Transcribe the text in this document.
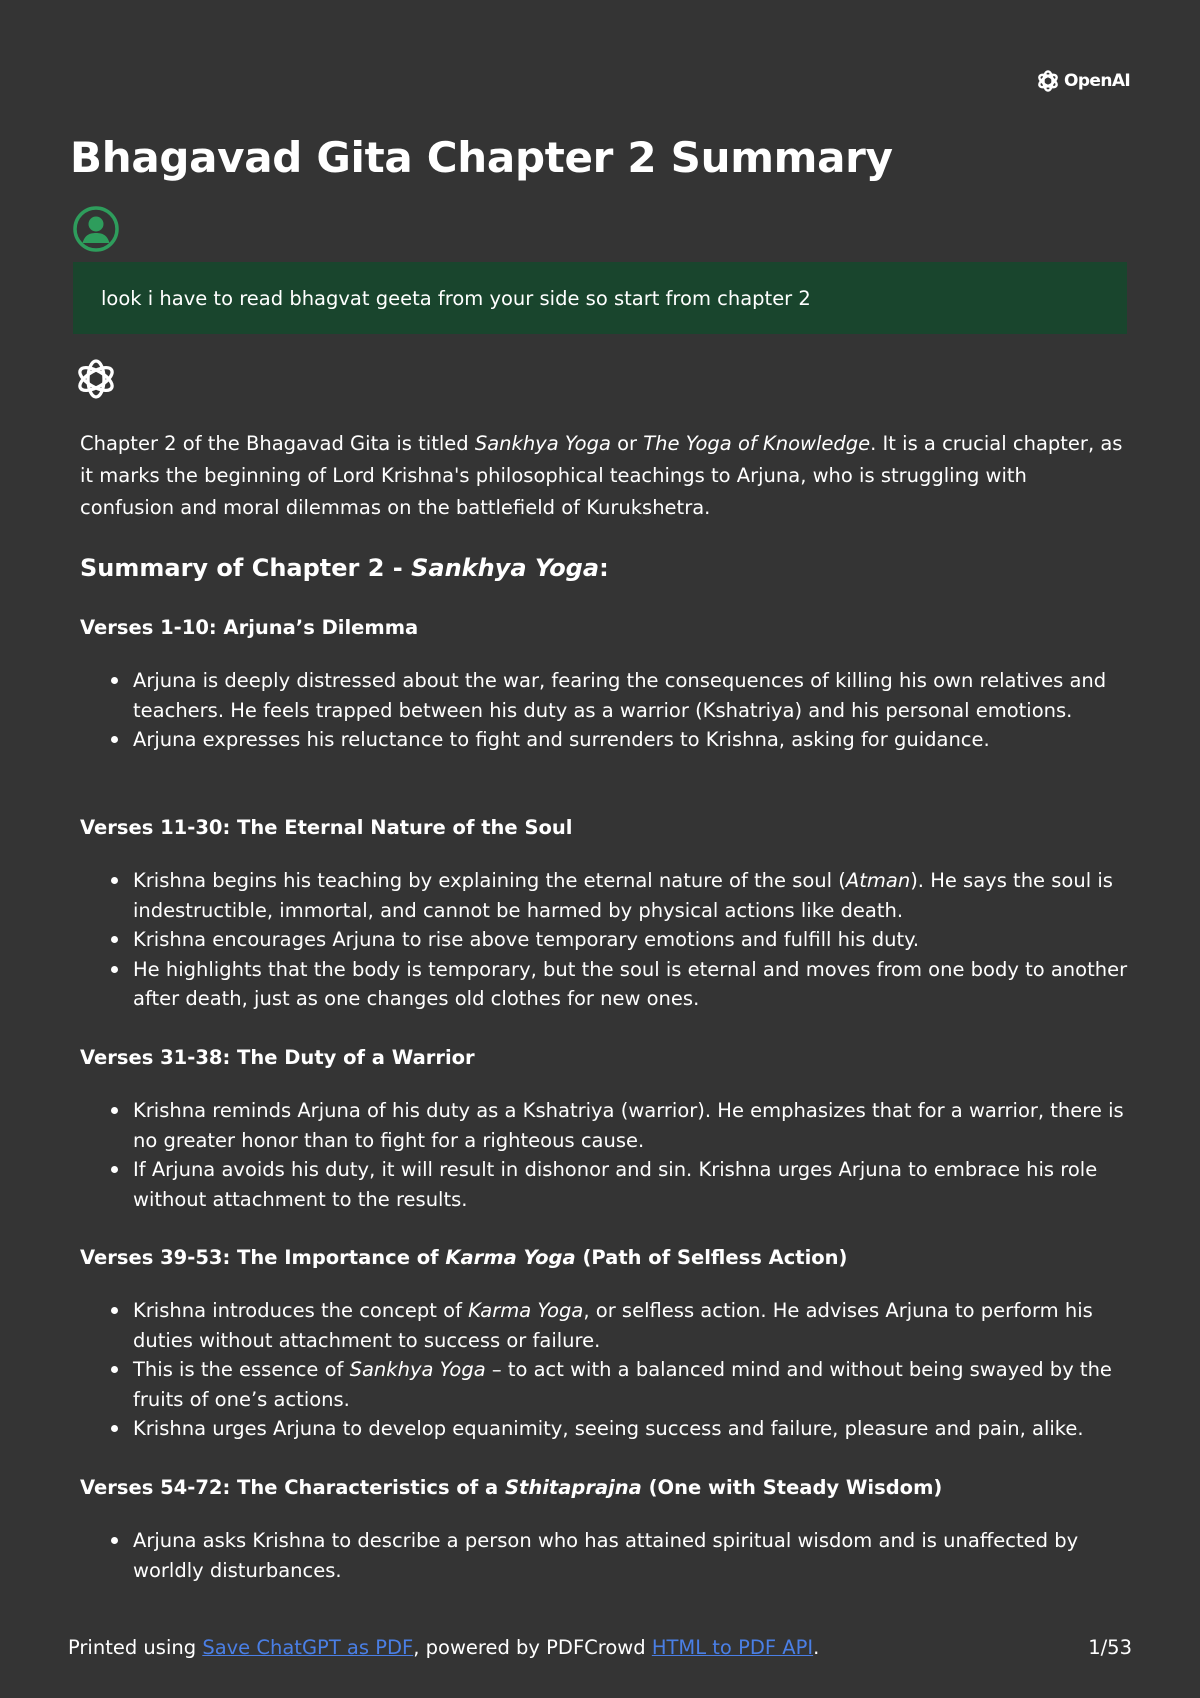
OpenAI
Bhagavad Gita Chapter 2 Summary
look i have to read bhagvat geeta from your side so start from chapter 2

Chapter 2 of the Bhagavad Gita is titled Sankhya Yoga or The Yoga of Knowledge. It is a crucial chapter, as it marks the beginning of Lord Krishna's philosophical teachings to Arjuna, who is struggling with confusion and moral dilemmas on the battlefield of Kurukshetra.

Summary of Chapter 2 - Sankhya Yoga:
Verses 1-10: Arjuna’s Dilemma
Arjuna is deeply distressed about the war, fearing the consequences of killing his own relatives and teachers. He feels trapped between his duty as a warrior (Kshatriya) and his personal emotions.
Arjuna expresses his reluctance to fight and surrenders to Krishna, asking for guidance.
Verses 11-30: The Eternal Nature of the Soul
Krishna begins his teaching by explaining the eternal nature of the soul (Atman). He says the soul is indestructible, immortal, and cannot be harmed by physical actions like death.
Krishna encourages Arjuna to rise above temporary emotions and fulfill his duty.
He highlights that the body is temporary, but the soul is eternal and moves from one body to another after death, just as one changes old clothes for new ones.
Verses 31-38: The Duty of a Warrior
Krishna reminds Arjuna of his duty as a Kshatriya (warrior). He emphasizes that for a warrior, there is no greater honor than to fight for a righteous cause.
If Arjuna avoids his duty, it will result in dishonor and sin. Krishna urges Arjuna to embrace his role without attachment to the results.
Verses 39-53: The Importance of Karma Yoga (Path of Selfless Action)
Krishna introduces the concept of Karma Yoga, or selfless action. He advises Arjuna to perform his duties without attachment to success or failure.
This is the essence of Sankhya Yoga – to act with a balanced mind and without being swayed by the fruits of one’s actions.
Krishna urges Arjuna to develop equanimity, seeing success and failure, pleasure and pain, alike.
Verses 54-72: The Characteristics of a Sthitaprajna (One with Steady Wisdom)
Arjuna asks Krishna to describe a person who has attained spiritual wisdom and is unaffected by worldly disturbances.
Printed using Save ChatGPT as PDF, powered by PDFCrowd HTML to PDF API.	1/53
